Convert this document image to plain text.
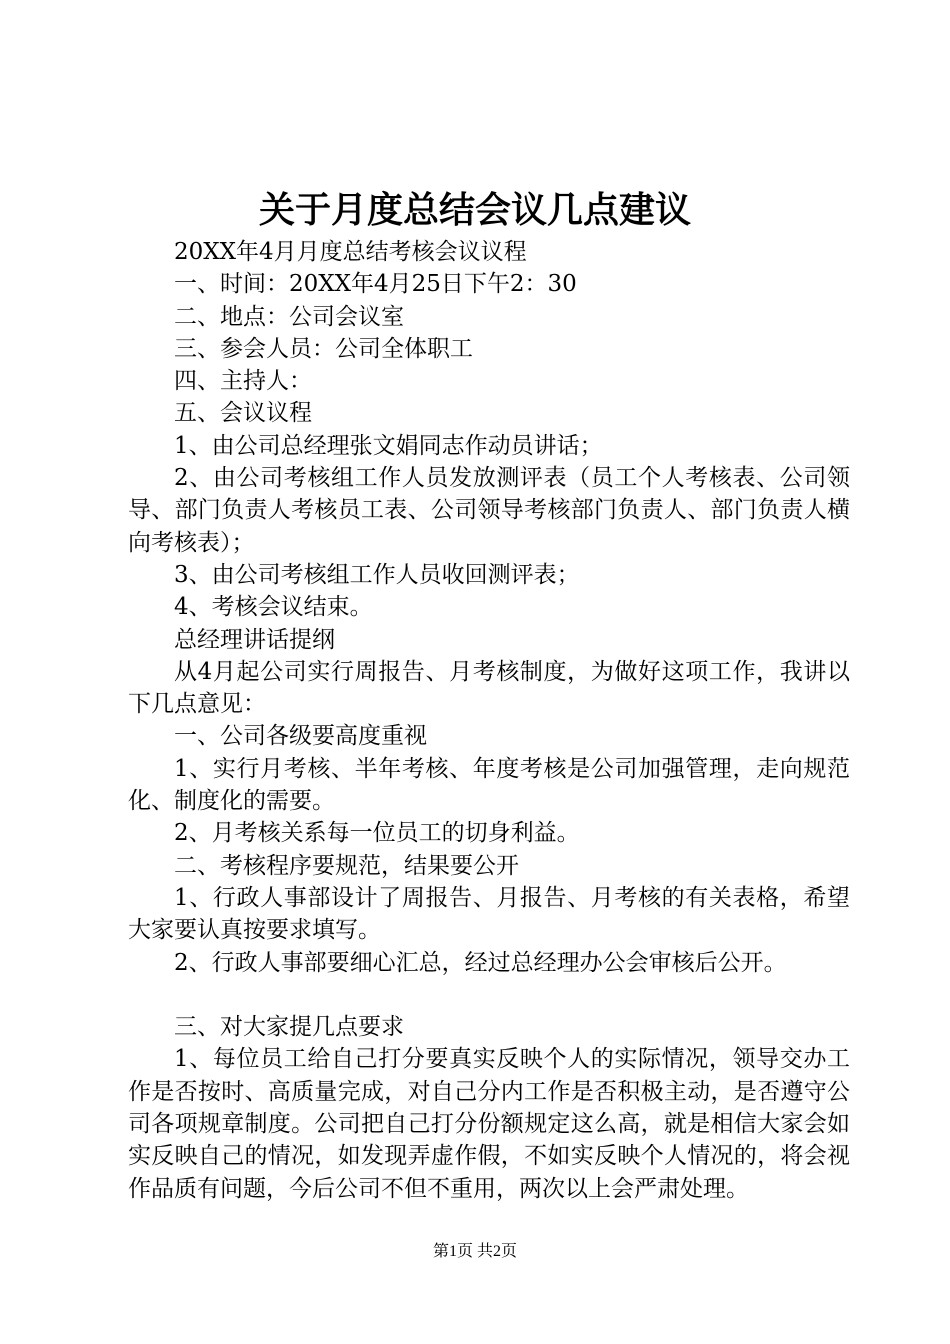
关于月度总结会议几点建议

20XX年4月月度总结考核会议议程

一、时间：20XX年4月25日下午2：30

二、地点：公司会议室

三、参会人员：公司全体职工

四、主持人：

五、会议议程

1、由公司总经理张文娟同志作动员讲话；

2、由公司考核组工作人员发放测评表（员工个人考核表、公司领导、部门负责人考核员工表、公司领导考核部门负责人、部门负责人横向考核表）；

3、由公司考核组工作人员收回测评表；

4、考核会议结束。

总经理讲话提纲

从4月起公司实行周报告、月考核制度，为做好这项工作，我讲以下几点意见：

一、公司各级要高度重视

1、实行月考核、半年考核、年度考核是公司加强管理，走向规范化、制度化的需要。

2、月考核关系每一位员工的切身利益。

二、考核程序要规范，结果要公开

1、行政人事部设计了周报告、月报告、月考核的有关表格，希望大家要认真按要求填写。

2、行政人事部要细心汇总，经过总经理办公会审核后公开。

三、对大家提几点要求

1、每位员工给自己打分要真实反映个人的实际情况，领导交办工作是否按时、高质量完成，对自己分内工作是否积极主动，是否遵守公司各项规章制度。公司把自己打分份额规定这么高，就是相信大家会如实反映自己的情况，如发现弄虚作假，不如实反映个人情况的，将会视作品质有问题，今后公司不但不重用，两次以上会严肃处理。

第1页 共2页
